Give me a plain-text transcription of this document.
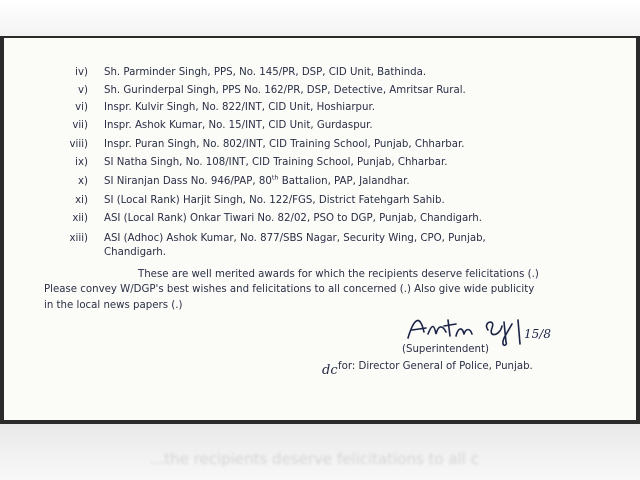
iv) Sh. Parminder Singh, PPS, No. 145/PR, DSP, CID Unit, Bathinda.
v) Sh. Gurinderpal Singh, PPS No. 162/PR, DSP, Detective, Amritsar Rural.
vi) Inspr. Kulvir Singh, No. 822/INT, CID Unit, Hoshiarpur.
vii) Inspr. Ashok Kumar, No. 15/INT, CID Unit, Gurdaspur.
viii) Inspr. Puran Singh, No. 802/INT, CID Training School, Punjab, Chharbar.
ix) SI Natha Singh, No. 108/INT, CID Training School, Punjab, Chharbar.
x) SI Niranjan Dass No. 946/PAP, 80th Battalion, PAP, Jalandhar.
xi) SI (Local Rank) Harjit Singh, No. 122/FGS, District Fatehgarh Sahib.
xii) ASI (Local Rank) Onkar Tiwari No. 82/02, PSO to DGP, Punjab, Chandigarh.
xiii) ASI (Adhoc) Ashok Kumar, No. 877/SBS Nagar, Security Wing, CPO, Punjab,
Chandigarh.
These are well merited awards for which the recipients deserve felicitations (.)
Please convey W/DGP's best wishes and felicitations to all concerned (.) Also give wide publicity
in the local news papers (.)
15/8
(Superintendent)
dc for: Director General of Police, Punjab.
...the recipients deserve felicitations to all c
